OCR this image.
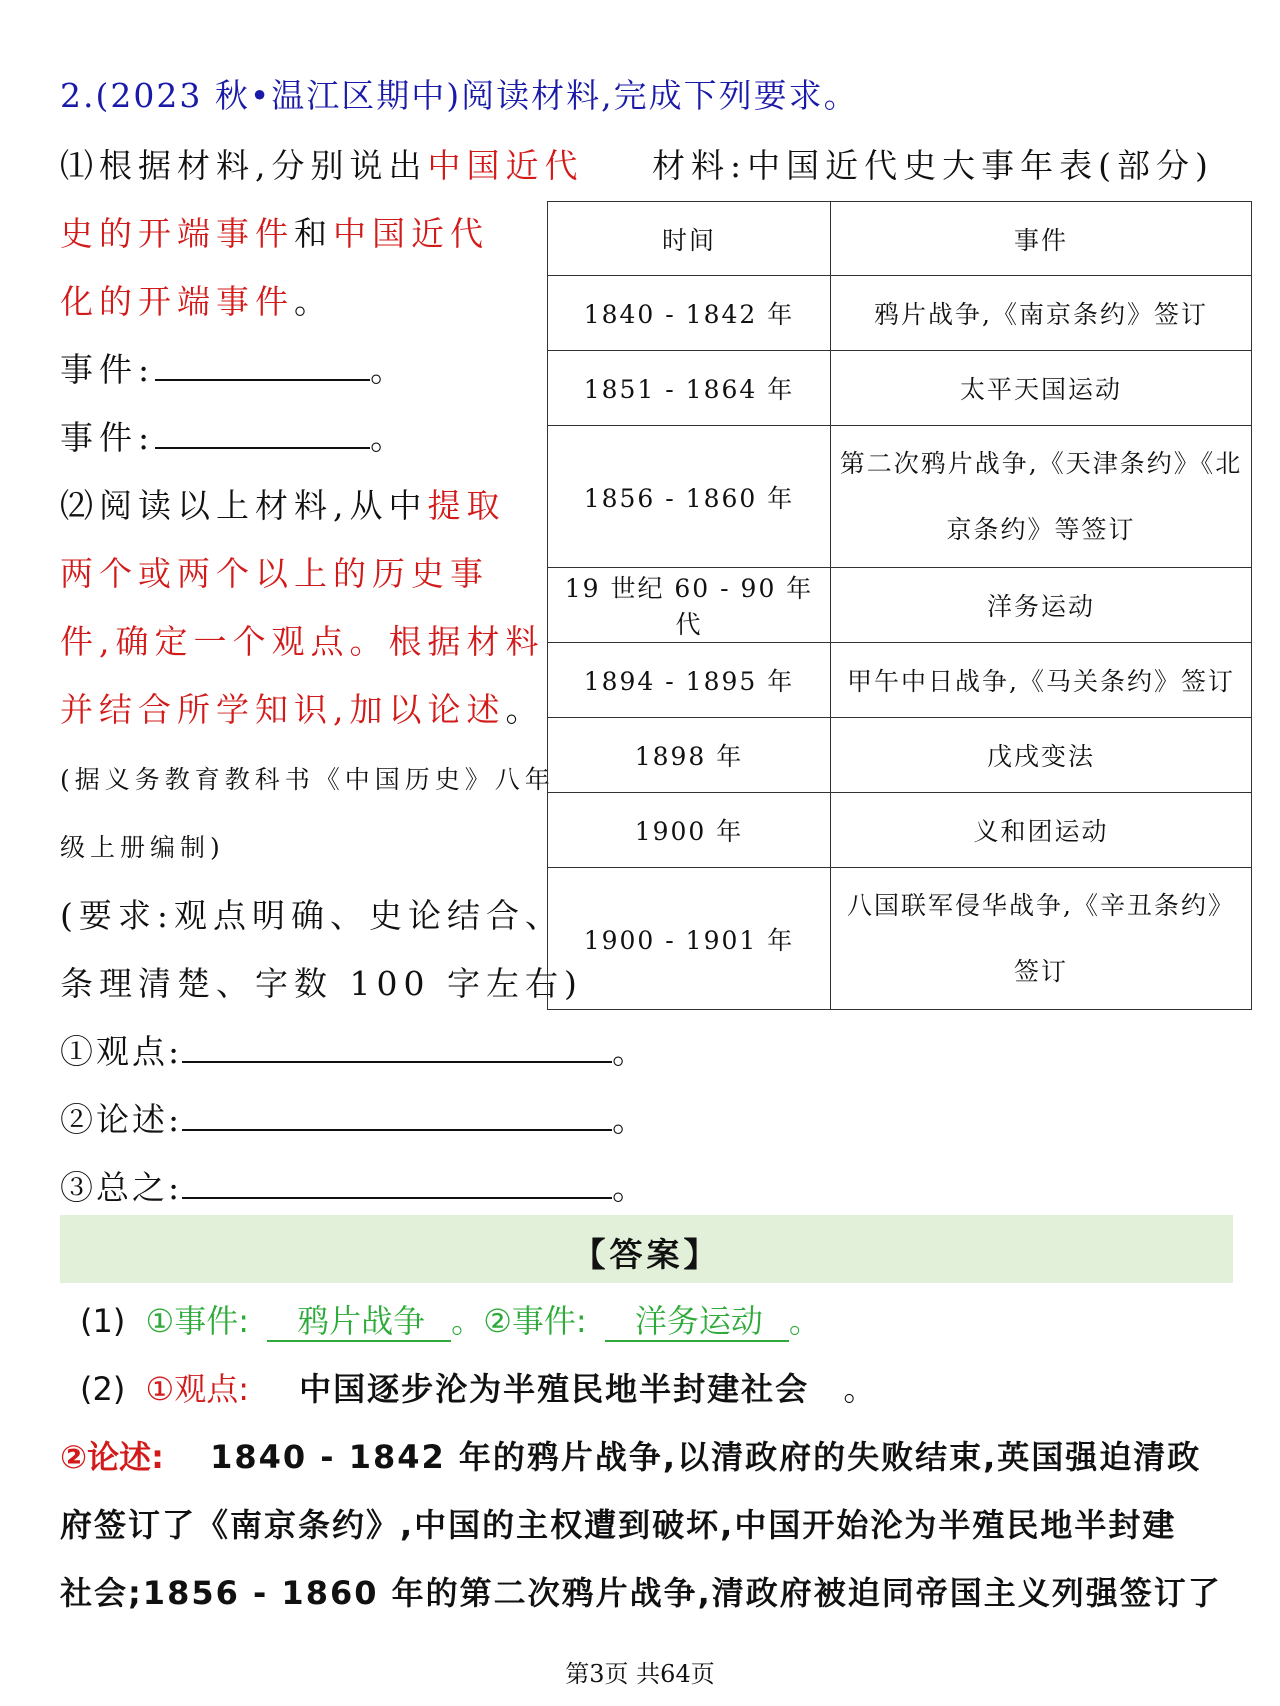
2.(2023 秋•温江区期中)阅读材料,完成下列要求。
⑴根据材料,分别说出中国近代
史的开端事件和中国近代
化的开端事件。
事件:	。
事件:	。
⑵阅读以上材料,从中提取
两个或两个以上的历史事
件,确定一个观点。根据材料
并结合所学知识,加以论述。
(据义务教育教科书《中国历史》八年
级上册编制)
(要求:观点明确、史论结合、
条理清楚、字数 100 字左右)
①观点:	。
②论述:	。
③总之:	。
材料:中国近代史大事年表(部分)
时间	事件
1840 - 1842 年	鸦片战争,《南京条约》签订
1851 - 1864 年	太平天国运动
1856 - 1860 年	第二次鸦片战争,《天津条约》《北
京条约》等签订

19 世纪 60 - 90 年代	洋务运动
1894 - 1895 年	甲午中日战争,《马关条约》签订
1898 年	戊戌变法
1900 年	义和团运动
1900 - 1901 年	八国联军侵华战争,《辛丑条约》
签订
【答案】
(1) ①事件: 鸦片战争 。②事件: 洋务运动 。
(2) ①观点: 中国逐步沦为半殖民地半封建社会 。
②论述: 1840 - 1842 年的鸦片战争,以清政府的失败结束,英国强迫清政
府签订了《南京条约》,中国的主权遭到破坏,中国开始沦为半殖民地半封建
社会;1856 - 1860 年的第二次鸦片战争,清政府被迫同帝国主义列强签订了
第3页 共64页
